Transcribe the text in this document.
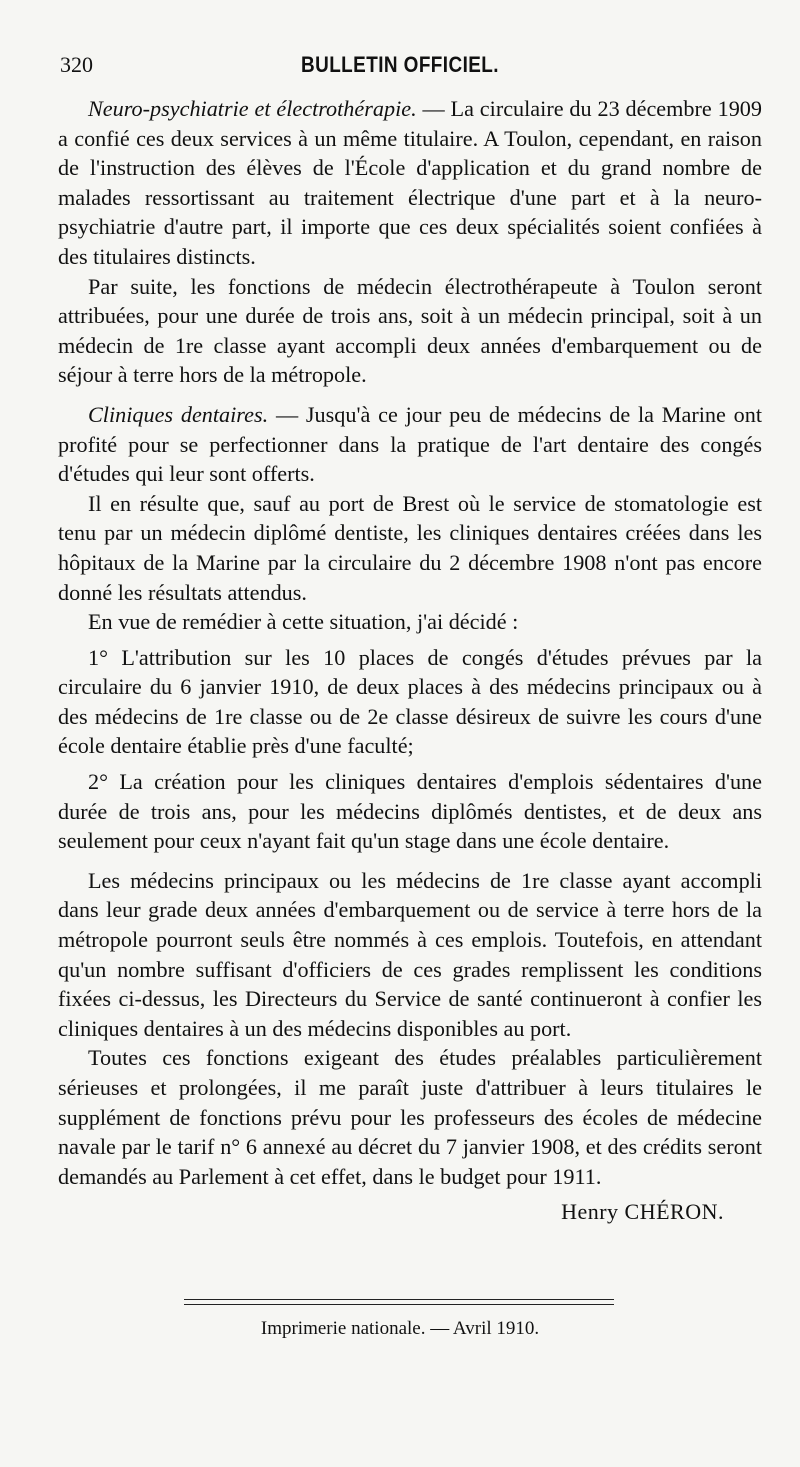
320	BULLETIN OFFICIEL.

Neuro-psychiatrie et électrothérapie. — La circulaire du 23 décembre 1909 a confié ces deux services à un même titulaire. A Toulon, cependant, en raison de l'instruction des élèves de l'École d'application et du grand nombre de malades ressortissant au traitement électrique d'une part et à la neuro-psychiatrie d'autre part, il importe que ces deux spécialités soient confiées à des titulaires distincts.

Par suite, les fonctions de médecin électrothérapeute à Toulon seront attribuées, pour une durée de trois ans, soit à un médecin principal, soit à un médecin de 1re classe ayant accompli deux années d'embarquement ou de séjour à terre hors de la métropole.

Cliniques dentaires. — Jusqu'à ce jour peu de médecins de la Marine ont profité pour se perfectionner dans la pratique de l'art dentaire des congés d'études qui leur sont offerts.

Il en résulte que, sauf au port de Brest où le service de stomatologie est tenu par un médecin diplômé dentiste, les cliniques dentaires créées dans les hôpitaux de la Marine par la circulaire du 2 décembre 1908 n'ont pas encore donné les résultats attendus.

En vue de remédier à cette situation, j'ai décidé :

1° L'attribution sur les 10 places de congés d'études prévues par la circulaire du 6 janvier 1910, de deux places à des médecins principaux ou à des médecins de 1re classe ou de 2e classe désireux de suivre les cours d'une école dentaire établie près d'une faculté;

2° La création pour les cliniques dentaires d'emplois sédentaires d'une durée de trois ans, pour les médecins diplômés dentistes, et de deux ans seulement pour ceux n'ayant fait qu'un stage dans une école dentaire.

Les médecins principaux ou les médecins de 1re classe ayant accompli dans leur grade deux années d'embarquement ou de service à terre hors de la métropole pourront seuls être nommés à ces emplois. Toutefois, en attendant qu'un nombre suffisant d'officiers de ces grades remplissent les conditions fixées ci-dessus, les Directeurs du Service de santé continueront à confier les cliniques dentaires à un des médecins disponibles au port.

Toutes ces fonctions exigeant des études préalables particulièrement sérieuses et prolongées, il me paraît juste d'attribuer à leurs titulaires le supplément de fonctions prévu pour les professeurs des écoles de médecine navale par le tarif n° 6 annexé au décret du 7 janvier 1908, et des crédits seront demandés au Parlement à cet effet, dans le budget pour 1911.

Henry CHÉRON.
Imprimerie nationale. — Avril 1910.
